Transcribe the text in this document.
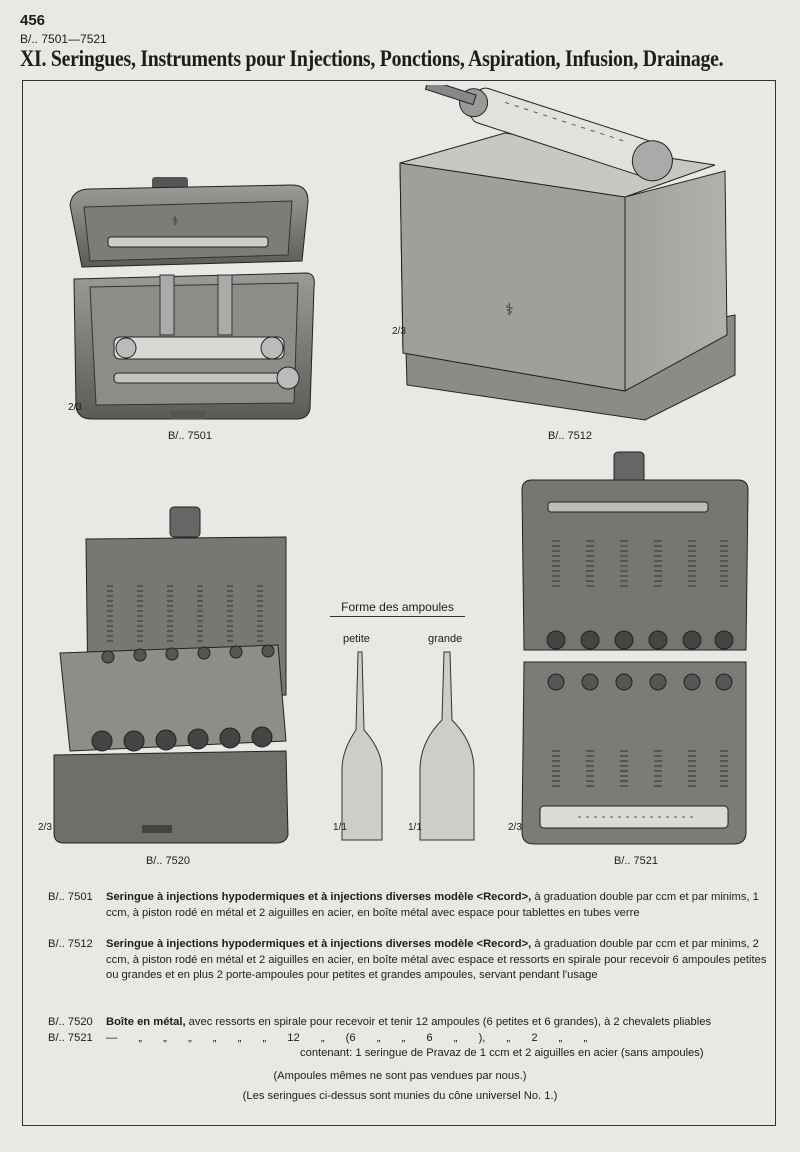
456
B/.. 7501—7521
XI. Seringues, Instruments pour Injections, Ponctions, Aspiration, Infusion, Drainage.
⚕
2/3
B/.. 7501
⚕
2/3
B/.. 7512
2/3
B/.. 7520
Forme des ampoules
petite	grande
1/1	1/1	2/3
B/.. 7521
B/.. 7501	Seringue à injections hypodermiques et à injections diverses modèle <Record>, à graduation double par ccm et par minims, 1 ccm, à piston rodé en métal et 2 aiguilles en acier, en boîte métal avec espace pour tablettes en tubes verre
B/.. 7512	Seringue à injections hypodermiques et à injections diverses modèle <Record>, à graduation double par ccm et par minims, 2 ccm, à piston rodé en métal et 2 aiguilles en acier, en boîte métal avec espace et ressorts en spirale pour recevoir 6 ampoules petites ou grandes et en plus 2 porte-ampoules pour petites et grandes ampoules, servant pendant l'usage
B/.. 7520	Boîte en métal, avec ressorts en spirale pour recevoir et tenir 12 ampoules (6 petites et 6 grandes), à 2 chevalets pliables
B/.. 7521	— „ „ „ „ „ „ 12 „ (6 „ „ 6 „ ), „ 2 „ „
contenant: 1 seringue de Pravaz de 1 ccm et 2 aiguilles en acier (sans ampoules)
(Ampoules mêmes ne sont pas vendues par nous.)
(Les seringues ci-dessus sont munies du cône universel No. 1.)
